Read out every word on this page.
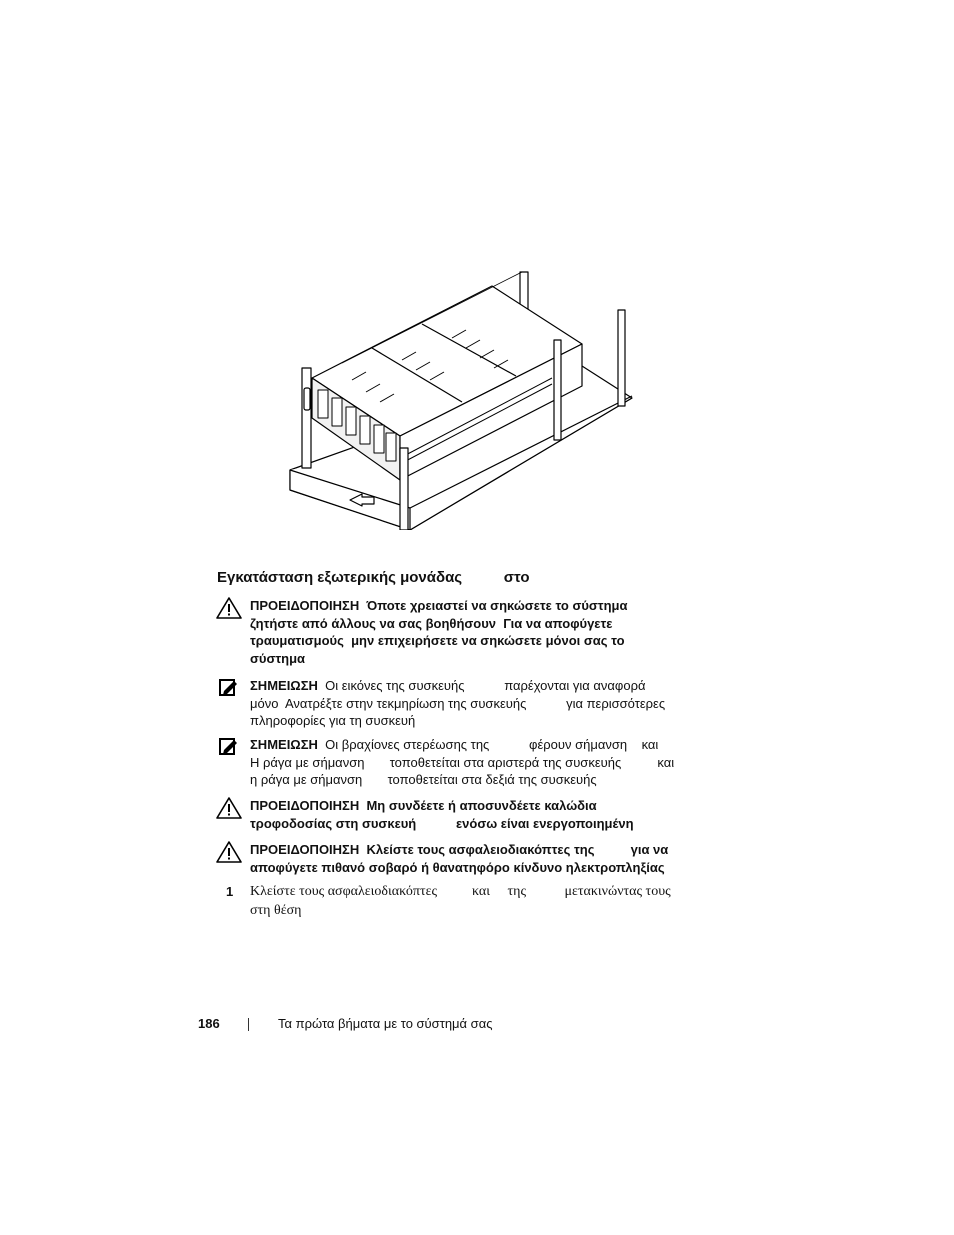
Εγκατάσταση εξωτερικής μονάδας          στο
ΠΡΟΕΙΔΟΠΟΙΗΣΗ  Όποτε χρειαστεί να σηκώσετε το σύστημα
ζητήστε από άλλους να σας βοηθήσουν  Για να αποφύγετε
τραυματισμούς  μην επιχειρήσετε να σηκώσετε μόνοι σας το
σύστημα
ΣΗΜΕΙΩΣΗ  Οι εικόνες της συσκευής           παρέχονται για αναφορά
μόνο  Ανατρέξτε στην τεκμηρίωση της συσκευής           για περισσότερες
πληροφορίες για τη συσκευή
ΣΗΜΕΙΩΣΗ  Οι βραχίονες στερέωσης της           φέρουν σήμανση    και
Η ράγα με σήμανση       τοποθετείται στα αριστερά της συσκευής          και
η ράγα με σήμανση       τοποθετείται στα δεξιά της συσκευής
ΠΡΟΕΙΔΟΠΟΙΗΣΗ  Μη συνδέετε ή αποσυνδέετε καλώδια
τροφοδοσίας στη συσκευή           ενόσω είναι ενεργοποιημένη
ΠΡΟΕΙΔΟΠΟΙΗΣΗ  Κλείστε τους ασφαλειοδιακόπτες της          για να
αποφύγετε πιθανό σοβαρό ή θανατηφόρο κίνδυνο ηλεκτροπληξίας
1 Κλείστε τους ασφαλειοδιακόπτες          και     της           μετακινώντας τους
στη θέση
186	Τα πρώτα βήματα με το σύστημά σας
